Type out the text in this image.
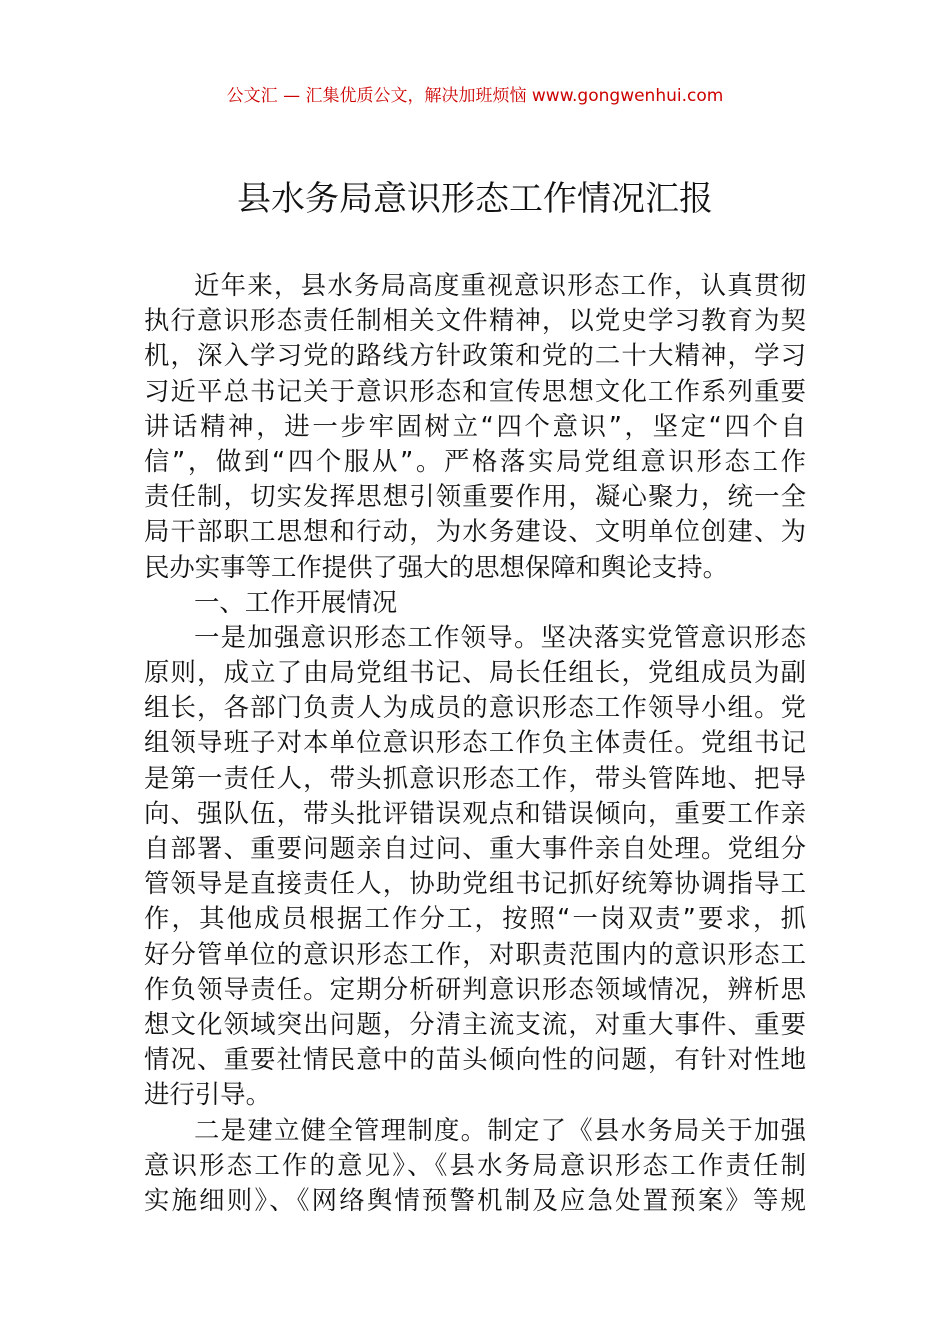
公文汇 — 汇集优质公文，解决加班烦恼 www.gongwenhui.com
县水务局意识形态工作情况汇报
近年来，县水务局高度重视意识形态工作，认真贯彻
执行意识形态责任制相关文件精神，以党史学习教育为契
机，深入学习党的路线方针政策和党的二十大精神，学习
习近平总书记关于意识形态和宣传思想文化工作系列重要
讲话精神，进一步牢固树立“四个意识”，坚定“四个自
信”，做到“四个服从”。严格落实局党组意识形态工作
责任制，切实发挥思想引领重要作用，凝心聚力，统一全
局干部职工思想和行动，为水务建设、文明单位创建、为
民办实事等工作提供了强大的思想保障和舆论支持。
一、工作开展情况
一是加强意识形态工作领导。坚决落实党管意识形态
原则，成立了由局党组书记、局长任组长，党组成员为副
组长，各部门负责人为成员的意识形态工作领导小组。党
组领导班子对本单位意识形态工作负主体责任。党组书记
是第一责任人，带头抓意识形态工作，带头管阵地、把导
向、强队伍，带头批评错误观点和错误倾向，重要工作亲
自部署、重要问题亲自过问、重大事件亲自处理。党组分
管领导是直接责任人，协助党组书记抓好统筹协调指导工
作，其他成员根据工作分工，按照“一岗双责”要求，抓
好分管单位的意识形态工作，对职责范围内的意识形态工
作负领导责任。定期分析研判意识形态领域情况，辨析思
想文化领域突出问题，分清主流支流，对重大事件、重要
情况、重要社情民意中的苗头倾向性的问题，有针对性地
进行引导。
二是建立健全管理制度。制定了《县水务局关于加强
意识形态工作的意见》、《县水务局意识形态工作责任制
实施细则》、《网络舆情预警机制及应急处置预案》等规
